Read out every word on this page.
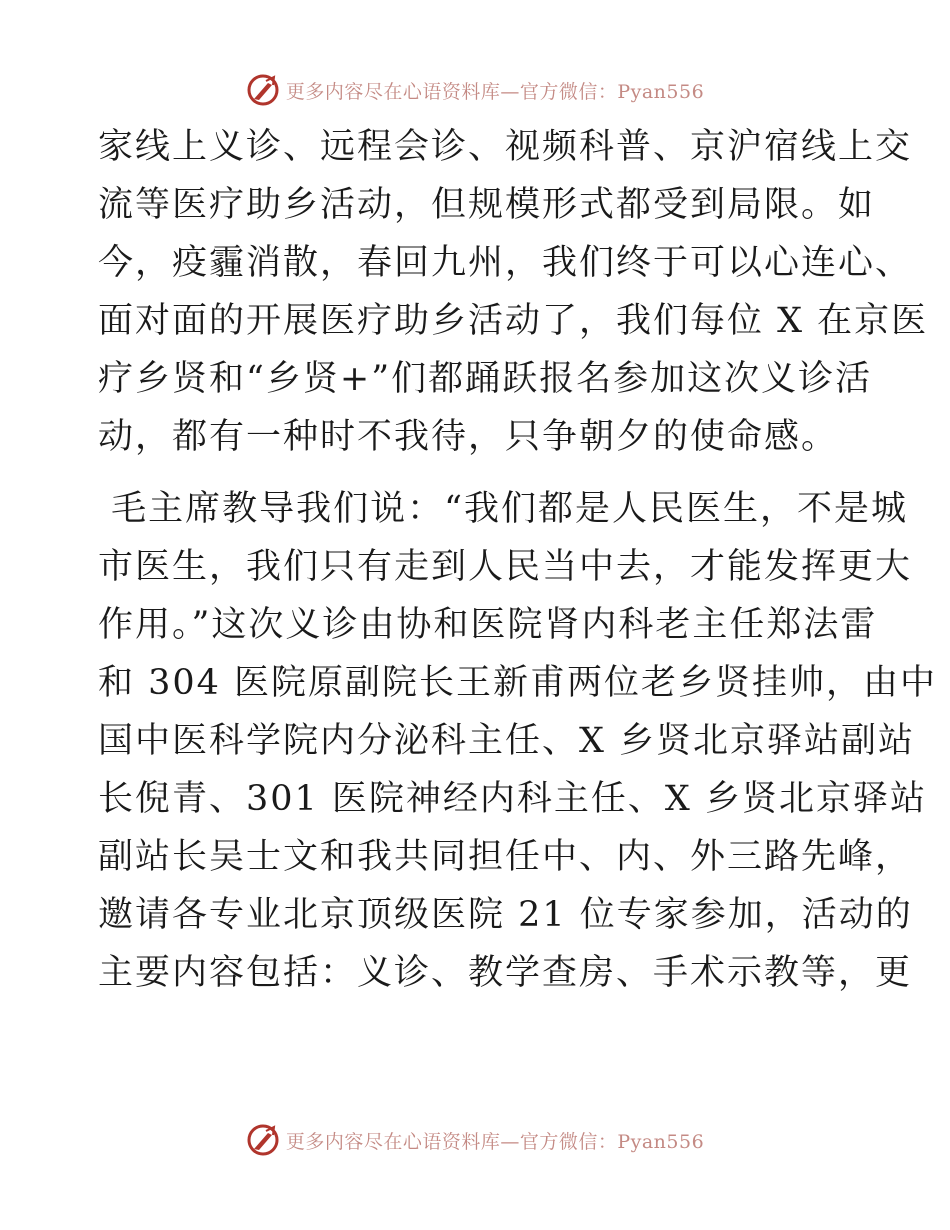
更多内容尽在心语资料库—官方微信：Pyan556
家线上义诊、远程会诊、视频科普、京沪宿线上交
流等医疗助乡活动，但规模形式都受到局限。如
今，疫霾消散，春回九州，我们终于可以心连心、
面对面的开展医疗助乡活动了，我们每位 X 在京医
疗乡贤和“乡贤+”们都踊跃报名参加这次义诊活
动，都有一种时不我待，只争朝夕的使命感。
毛主席教导我们说：“我们都是人民医生，不是城
市医生，我们只有走到人民当中去，才能发挥更大
作用。”这次义诊由协和医院肾内科老主任郑法雷
和 304 医院原副院长王新甫两位老乡贤挂帅，由中
国中医科学院内分泌科主任、X 乡贤北京驿站副站
长倪青、301 医院神经内科主任、X 乡贤北京驿站
副站长吴士文和我共同担任中、内、外三路先峰，
邀请各专业北京顶级医院 21 位专家参加，活动的
主要内容包括：义诊、教学查房、手术示教等，更
更多内容尽在心语资料库—官方微信：Pyan556
